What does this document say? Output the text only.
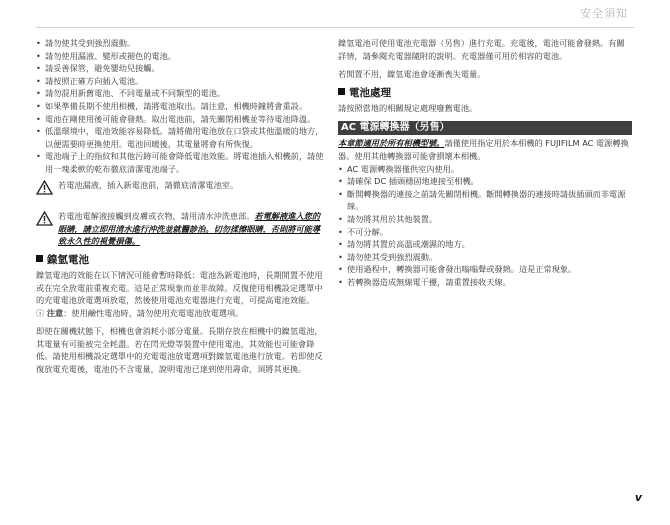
安全須知

• 請勿使其受到強烈震動。

• 請勿使用漏液、變形或褪色的電池。

• 請妥善保管，避免嬰幼兒接觸。

• 請按照正確方向插入電池。

• 請勿混用新舊電池、不同電量或不同類型的電池。

• 如果準備長期不使用相機，請將電池取出。請注意，相機時鐘將會重設。

• 電池在剛使用後可能會發熱。取出電池前，請先關閉相機並等待電池降溫。

• 低溫環境中，電池效能容易降低。請將備用電池放在口袋或其他溫暖的地方，以便需要時更換使用。電池回暖後，其電量將會有所恢復。

• 電池端子上的指紋和其他污跡可能會降低電池效能。將電池插入相機前，請使用一塊柔軟的乾布徹底清潔電池端子。

若電池漏液，插入新電池前，請徹底清潔電池室。
若電池電解液接觸到皮膚或衣物，請用清水沖洗患部。若電解液進入您的眼睛，請立即用清水進行沖洗並就醫診治。切勿揉擦眼睛，否則將可能導致永久性的視覺損傷。
鎳氫電池

鎳氫電池的效能在以下情況可能會暫時降低：電池為新電池時，長期閒置不使用或在完全放電前重複充電。這是正常現象而並非故障。反復使用相機設定選單中的充電電池放電選項放電，然後使用電池充電器進行充電，可提高電池效能。

ⓘ 注意：使用鹼性電池時，請勿使用充電電池放電選項。

即使在關機狀態下，相機也會消耗小部分電量。長期存放在相機中的鎳氫電池，其電量有可能被完全耗盡。若在閃光燈等裝置中使用電池，其效能也可能會降低。請使用相機設定選單中的充電電池放電選項對鎳氫電池進行放電。若即使反復放電充電後，電池仍不含電量，說明電池已達到使用壽命，須將其更換。

鎳氫電池可使用電池充電器（另售）進行充電。充電後，電池可能會發熱。有關詳情，請參閱充電器隨附的說明。充電器僅可用於相容的電池。

若閒置不用，鎳氫電池會逐漸喪失電量。

電池處理

請按照當地的相關規定處理廢舊電池。

AC 電源轉換器（另售）

本章節適用於所有相機型號。請僅使用指定用於本相機的 FUJIFILM AC 電源轉換器。使用其他轉換器可能會損壞本相機。

• AC 電源轉換器僅供室內使用。

• 請確保 DC 插頭穩固地連接至相機。

• 斷開轉換器的連接之前請先關閉相機。斷開轉換器的連接時請拔插頭而非電源線。

• 請勿將其用於其他裝置。

• 不可分解。

• 請勿將其置於高溫或潮濕的地方。

• 請勿使其受到強烈震動。

• 使用過程中，轉換器可能會發出嗡嗡聲或發熱。這是正常現象。

• 若轉換器造成無線電干擾，請重置接收天線。

v
